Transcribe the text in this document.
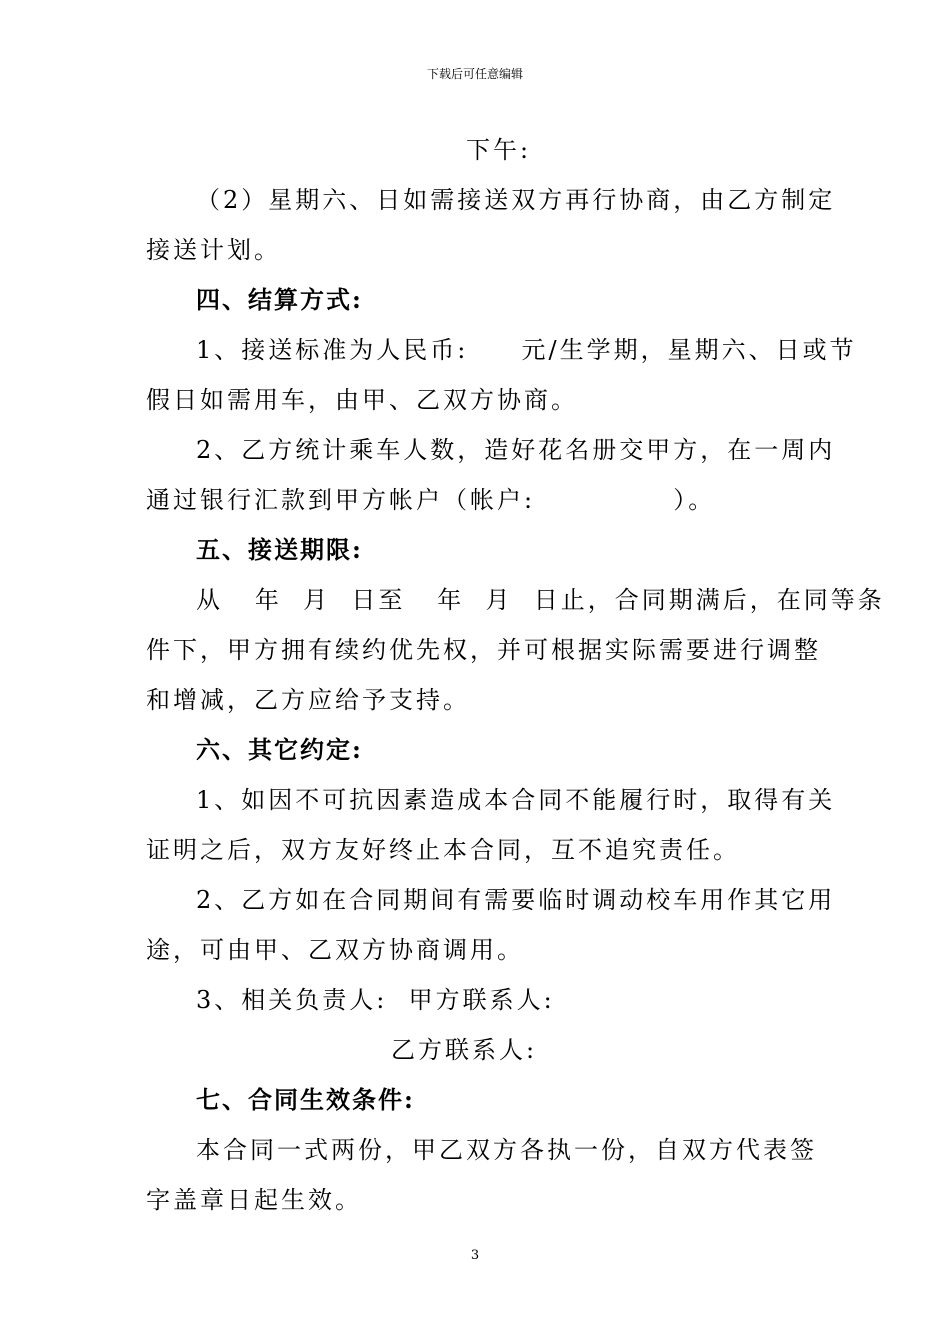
下载后可任意编辑
下午:
（2）星期六、日如需接送双方再行协商，由乙方制定
接送计划。
四、结算方式:
1、接送标准为人民币:     元/生学期，星期六、日或节
假日如需用车，由甲、乙双方协商。
2、乙方统计乘车人数，造好花名册交甲方，在一周内
通过银行汇款到甲方帐户（帐户:             ）。
五、接送期限:
从   年  月  日至   年  月  日止，合同期满后，在同等条
件下，甲方拥有续约优先权，并可根据实际需要进行调整
和增减，乙方应给予支持。
六、其它约定:
1、如因不可抗因素造成本合同不能履行时，取得有关
证明之后，双方友好终止本合同，互不追究责任。
2、乙方如在合同期间有需要临时调动校车用作其它用
途，可由甲、乙双方协商调用。
3、相关负责人:  甲方联系人:
乙方联系人:
七、合同生效条件:
本合同一式两份，甲乙双方各执一份，自双方代表签
字盖章日起生效。
3
